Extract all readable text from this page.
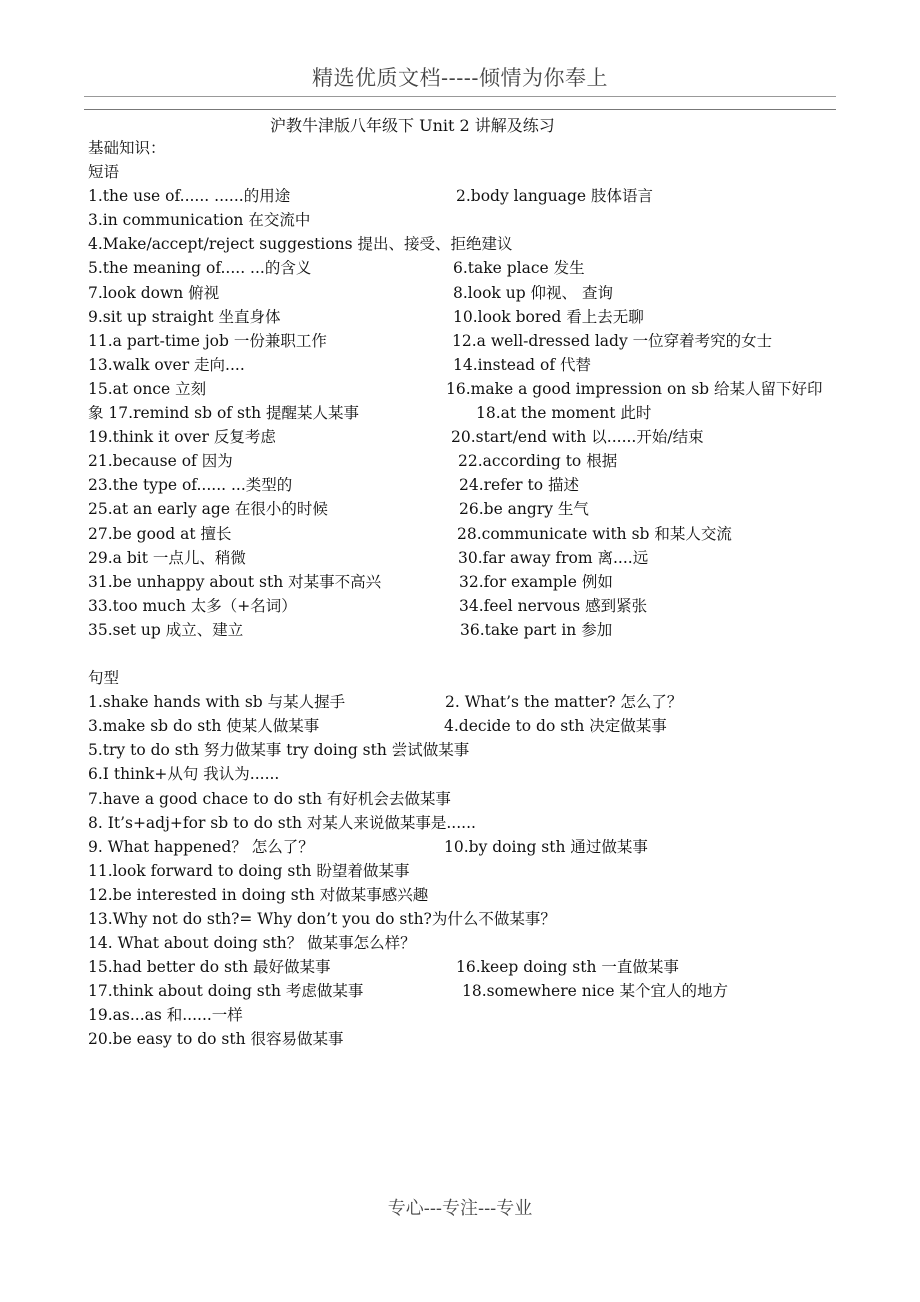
精选优质文档-----倾情为你奉上
沪教牛津版八年级下 Unit 2 讲解及练习
基础知识：
短语
1.the use of...... ......的用途	2.body language 肢体语言
3.in communication 在交流中
4.Make/accept/reject suggestions 提出、接受、拒绝建议
5.the meaning of..... ...的含义	6.take place 发生
7.look down 俯视	8.look up 仰视、 查询
9.sit up straight 坐直身体	10.look bored 看上去无聊
11.a part-time job 一份兼职工作	12.a well-dressed lady 一位穿着考究的女士
13.walk over 走向....	14.instead of 代替
15.at once 立刻	16.make a good impression on sb 给某人留下好印
象 17.remind sb of sth 提醒某人某事	18.at the moment 此时
19.think it over 反复考虑	20.start/end with 以......开始/结束
21.because of 因为	22.according to 根据
23.the type of...... ...类型的	24.refer to 描述
25.at an early age 在很小的时候	26.be angry 生气
27.be good at 擅长	28.communicate with sb 和某人交流
29.a bit 一点儿、稍微	30.far away from 离....远
31.be unhappy about sth 对某事不高兴	32.for example 例如
33.too much 太多（+名词）	34.feel nervous 感到紧张
35.set up 成立、建立	36.take part in 参加
句型
1.shake hands with sb 与某人握手	2. What’s the matter? 怎么了？
3.make sb do sth 使某人做某事	4.decide to do sth 决定做某事
5.try to do sth 努力做某事 try doing sth 尝试做某事
6.I think+从句 我认为......
7.have a good chace to do sth 有好机会去做某事
8. It’s+adj+for sb to do sth 对某人来说做某事是......
9. What happened？ 怎么了？	10.by doing sth 通过做某事
11.look forward to doing sth 盼望着做某事
12.be interested in doing sth 对做某事感兴趣
13.Why not do sth?= Why don’t you do sth?为什么不做某事？
14. What about doing sth？ 做某事怎么样？
15.had better do sth 最好做某事	16.keep doing sth 一直做某事
17.think about doing sth 考虑做某事	18.somewhere nice 某个宜人的地方
19.as...as 和......一样
20.be easy to do sth 很容易做某事
专心---专注---专业
